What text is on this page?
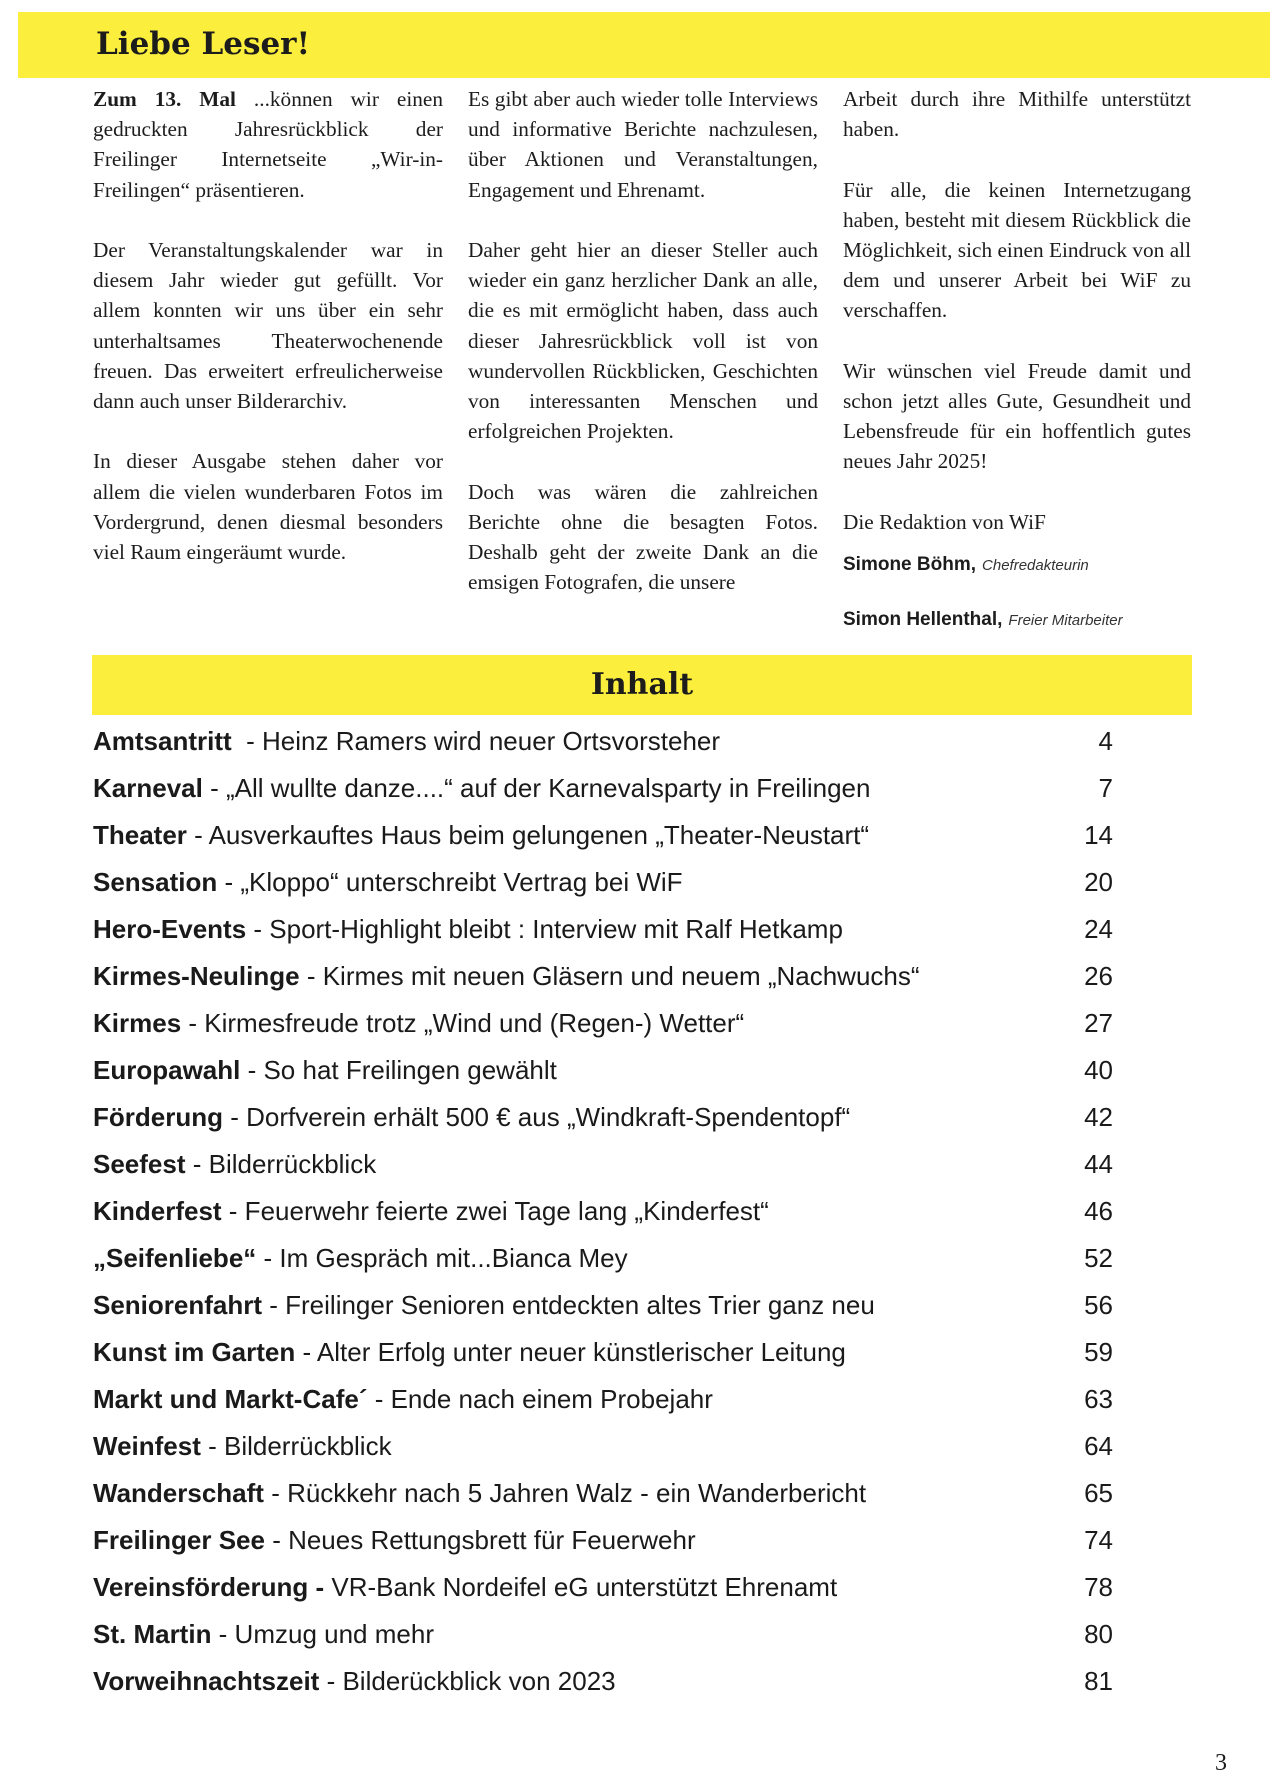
Liebe Leser!

Zum 13. Mal ...können wir einen gedruckten Jahresrückblick der Freilinger Internetseite „Wir-in-Freilingen“ präsentieren.

Der Veranstaltungskalender war in diesem Jahr wieder gut gefüllt. Vor allem konnten wir uns über ein sehr unterhaltsames Theaterwochenende freuen. Das erweitert erfreulicherweise dann auch unser Bilderarchiv.

In dieser Ausgabe stehen daher vor allem die vielen wunderbaren Fotos im Vordergrund, denen diesmal besonders viel Raum eingeräumt wurde.

Es gibt aber auch wieder tolle Interviews und informative Berichte nachzulesen, über Aktionen und Veranstaltungen, Engagement und Ehrenamt.

Daher geht hier an dieser Steller auch wieder ein ganz herzlicher Dank an alle, die es mit ermöglicht haben, dass auch dieser Jahresrückblick voll ist von wundervollen Rückblicken, Geschichten von interessanten Menschen und erfolgreichen Projekten.

Doch was wären die zahlreichen Berichte ohne die besagten Fotos. Deshalb geht der zweite Dank an die emsigen Fotografen, die unsere

Arbeit durch ihre Mithilfe unterstützt haben.

Für alle, die keinen Internetzugang haben, besteht mit diesem Rückblick die Möglichkeit, sich einen Eindruck von all dem und unserer Arbeit bei WiF zu verschaffen.

Wir wünschen viel Freude damit und schon jetzt alles Gute, Gesundheit und Lebensfreude für ein hoffentlich gutes neues Jahr 2025!

Die Redaktion von WiF

Simone Böhm, Chefredakteurin

Simon Hellenthal, Freier Mitarbeiter

Inhalt
Amtsantritt  - Heinz Ramers wird neuer Ortsvorsteher	4
Karneval - „All wullte danze....“ auf der Karnevalsparty in Freilingen	7
Theater - Ausverkauftes Haus beim gelungenen „Theater-Neustart“	14
Sensation - „Kloppo“ unterschreibt Vertrag bei WiF	20
Hero-Events - Sport-Highlight bleibt : Interview mit Ralf Hetkamp	24
Kirmes-Neulinge - Kirmes mit neuen Gläsern und neuem „Nachwuchs“	26
Kirmes - Kirmesfreude trotz „Wind und (Regen-) Wetter“	27
Europawahl - So hat Freilingen gewählt	40
Förderung - Dorfverein erhält 500 € aus „Windkraft-Spendentopf“	42
Seefest - Bilderrückblick	44
Kinderfest - Feuerwehr feierte zwei Tage lang „Kinderfest“	46
„Seifenliebe“ - Im Gespräch mit...Bianca Mey	52
Seniorenfahrt - Freilinger Senioren entdeckten altes Trier ganz neu	56
Kunst im Garten - Alter Erfolg unter neuer künstlerischer Leitung	59
Markt und Markt-Cafe´ - Ende nach einem Probejahr	63
Weinfest - Bilderrückblick	64
Wanderschaft - Rückkehr nach 5 Jahren Walz - ein Wanderbericht	65
Freilinger See - Neues Rettungsbrett für Feuerwehr	74
Vereinsförderung - VR-Bank Nordeifel eG unterstützt Ehrenamt	78
St. Martin - Umzug und mehr	80
Vorweihnachtszeit - Bilderückblick von 2023	81
3
